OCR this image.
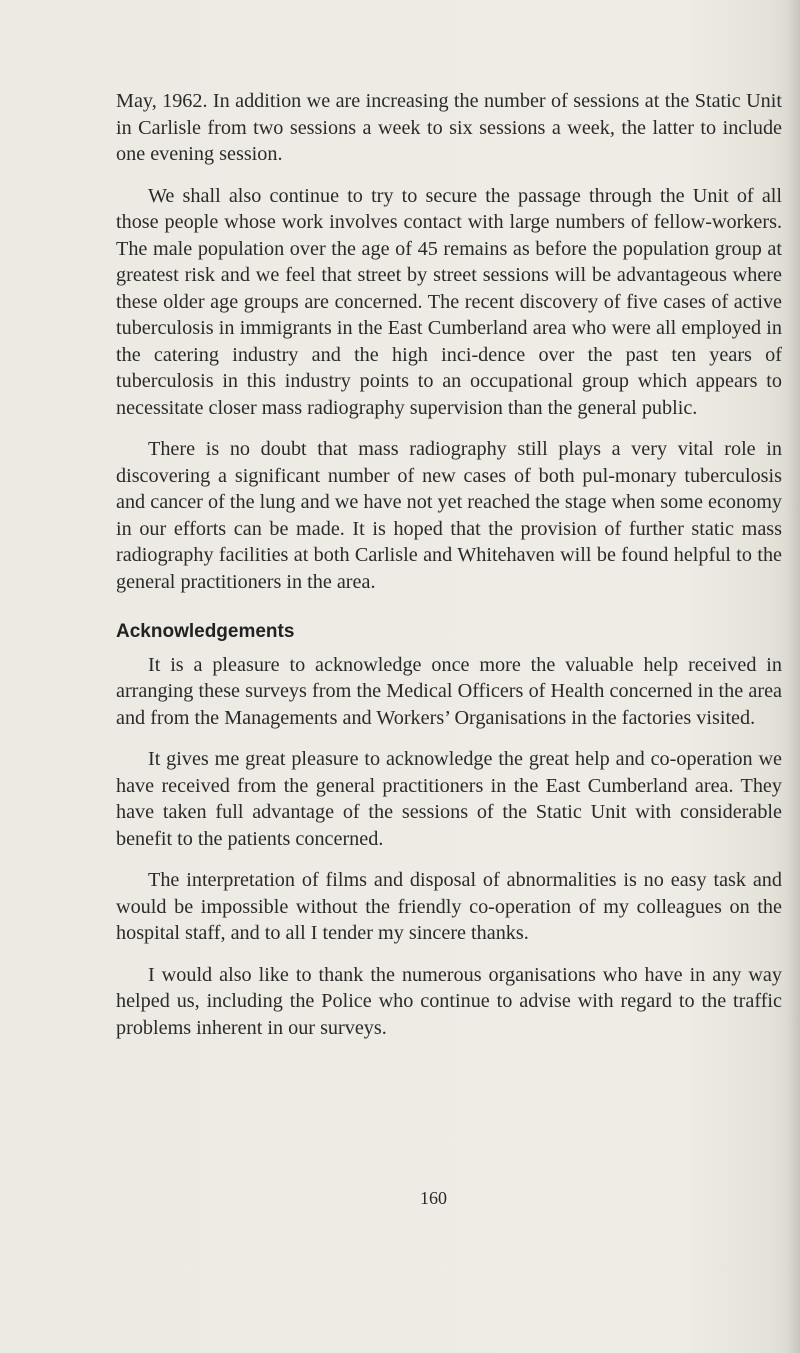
May, 1962. In addition we are increasing the number of sessions at the Static Unit in Carlisle from two sessions a week to six sessions a week, the latter to include one evening session.

We shall also continue to try to secure the passage through the Unit of all those people whose work involves contact with large numbers of fellow-workers. The male population over the age of 45 remains as before the population group at greatest risk and we feel that street by street sessions will be advantageous where these older age groups are concerned. The recent discovery of five cases of active tuberculosis in immigrants in the East Cumberland area who were all employed in the catering industry and the high inci-dence over the past ten years of tuberculosis in this industry points to an occupational group which appears to necessitate closer mass radiography supervision than the general public.

There is no doubt that mass radiography still plays a very vital role in discovering a significant number of new cases of both pul-monary tuberculosis and cancer of the lung and we have not yet reached the stage when some economy in our efforts can be made. It is hoped that the provision of further static mass radiography facilities at both Carlisle and Whitehaven will be found helpful to the general practitioners in the area.

Acknowledgements

It is a pleasure to acknowledge once more the valuable help received in arranging these surveys from the Medical Officers of Health concerned in the area and from the Managements and Workers’ Organisations in the factories visited.

It gives me great pleasure to acknowledge the great help and co-operation we have received from the general practitioners in the East Cumberland area. They have taken full advantage of the sessions of the Static Unit with considerable benefit to the patients concerned.

The interpretation of films and disposal of abnormalities is no easy task and would be impossible without the friendly co-operation of my colleagues on the hospital staff, and to all I tender my sincere thanks.

I would also like to thank the numerous organisations who have in any way helped us, including the Police who continue to advise with regard to the traffic problems inherent in our surveys.

160
